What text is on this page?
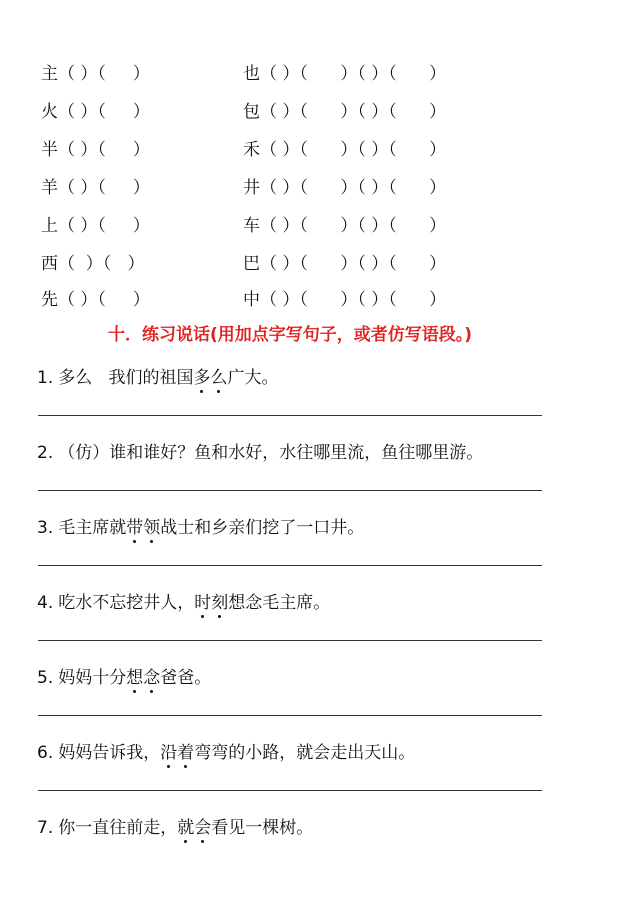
主（ ）（     ）	也（ ）（      ）（ ）（      ）
火（ ）（     ）	包（ ）（      ）（ ）（      ）
半（ ）（     ）	禾（ ）（      ）（ ）（      ）
羊（ ）（     ）	井（ ）（      ）（ ）（      ）
上（ ）（     ）	车（ ）（      ）（ ）（      ）
西（  ）（   ）	巴（ ）（      ）（ ）（      ）
先（ ）（     ）	中（ ）（      ）（ ）（      ）
十．练习说话(用加点字写句子，或者仿写语段。)
1. 多么   我们的祖国多么广大。
2. （仿）谁和谁好？鱼和水好，水往哪里流，鱼往哪里游。
3. 毛主席就带领战士和乡亲们挖了一口井。
4. 吃水不忘挖井人，时刻想念毛主席。
5. 妈妈十分想念爸爸。
6. 妈妈告诉我，沿着弯弯的小路，就会走出天山。
7. 你一直往前走，就会看见一棵树。
